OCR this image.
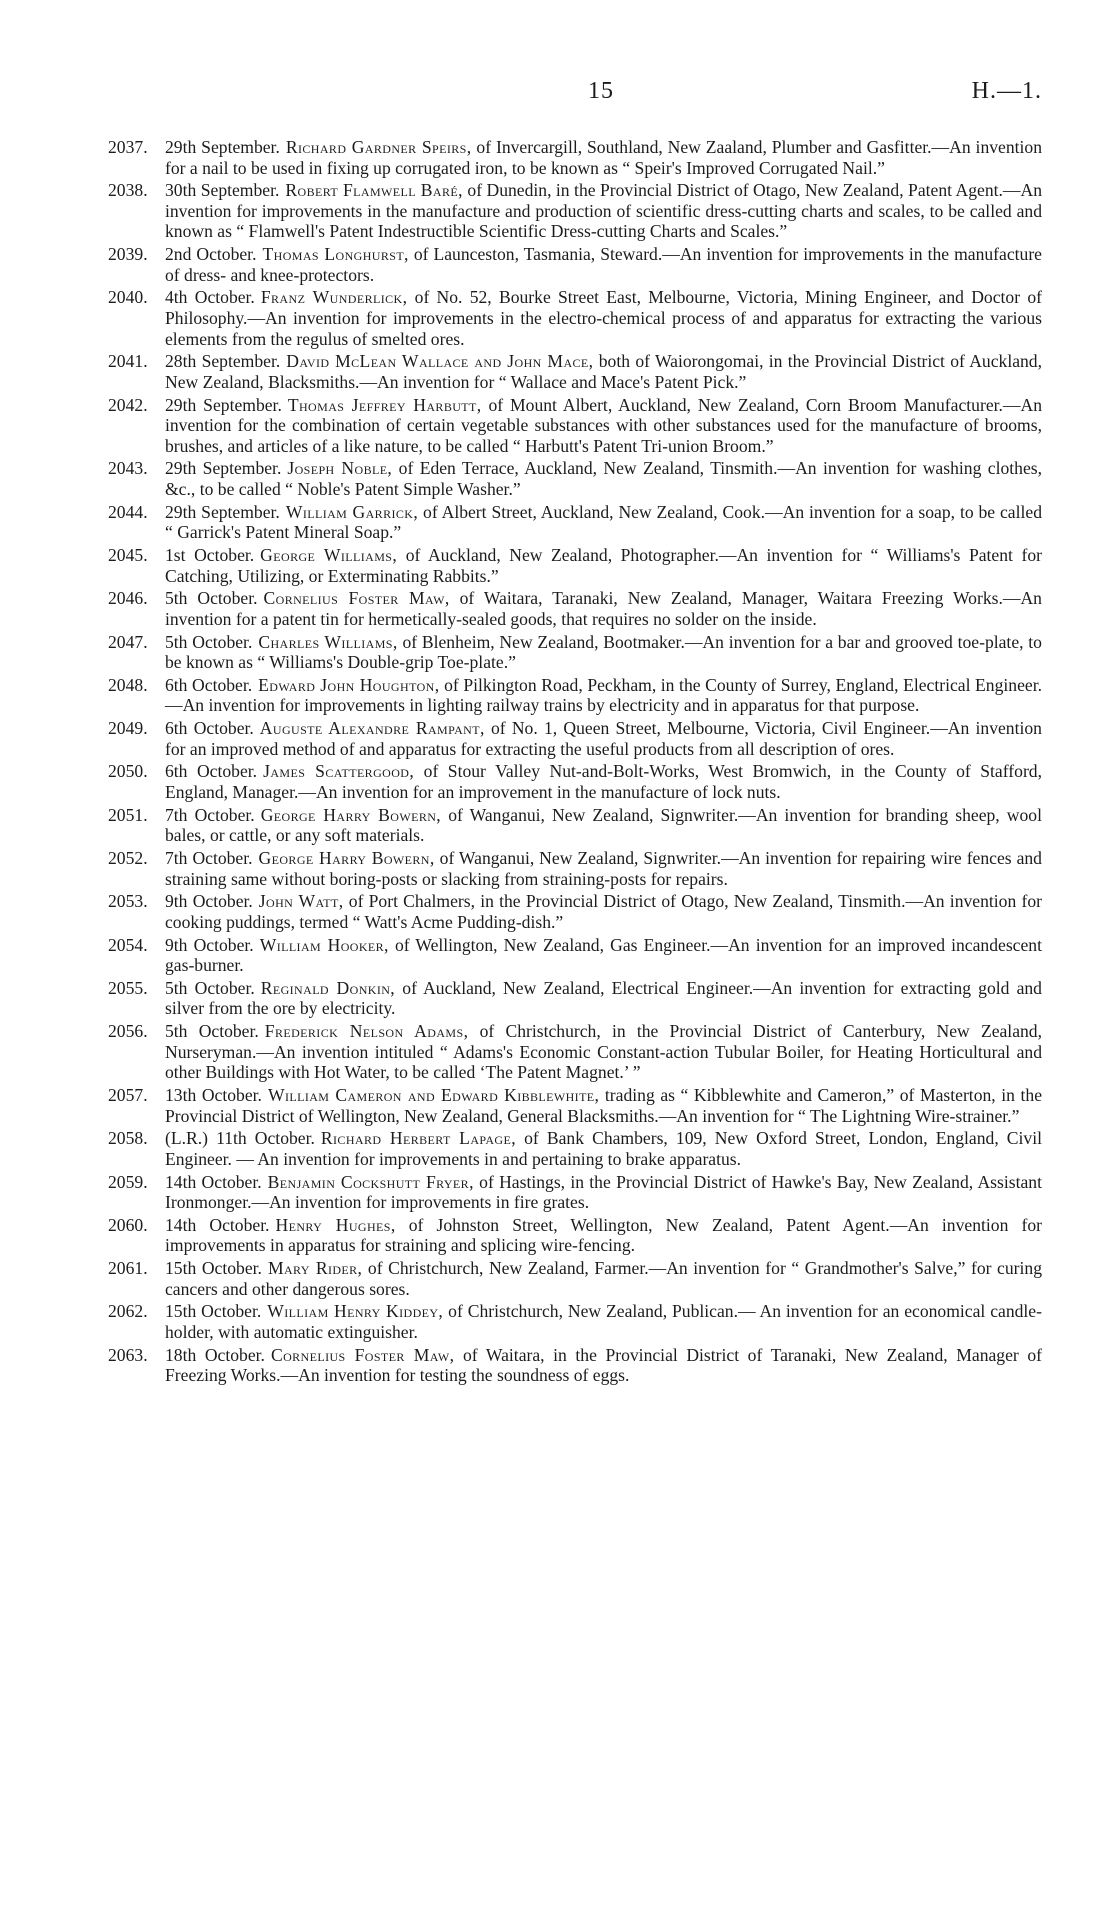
15	H.—1.
2037. 29th September. Richard Gardner Speirs, of Invercargill, Southland, New Zaaland, Plumber and Gasfitter.—An invention for a nail to be used in fixing up corrugated iron, to be known as “ Speir's Improved Corrugated Nail.”
2038. 30th September. Robert Flamwell Baré, of Dunedin, in the Provincial District of Otago, New Zealand, Patent Agent.—An invention for improvements in the manufacture and production of scientific dress-cutting charts and scales, to be called and known as “ Flamwell's Patent Indestructible Scientific Dress-cutting Charts and Scales.”
2039. 2nd October. Thomas Longhurst, of Launceston, Tasmania, Steward.—An invention for improvements in the manufacture of dress- and knee-protectors.
2040. 4th October. Franz Wunderlick, of No. 52, Bourke Street East, Melbourne, Victoria, Mining Engineer, and Doctor of Philosophy.—An invention for improvements in the electro-chemical process of and apparatus for extracting the various elements from the regulus of smelted ores.
2041. 28th September. David McLean Wallace and John Mace, both of Waiorongomai, in the Provincial District of Auckland, New Zealand, Blacksmiths.—An invention for “ Wallace and Mace's Patent Pick.”
2042. 29th September. Thomas Jeffrey Harbutt, of Mount Albert, Auckland, New Zealand, Corn Broom Manufacturer.—An invention for the combination of certain vegetable substances with other substances used for the manufacture of brooms, brushes, and articles of a like nature, to be called “ Harbutt's Patent Tri-union Broom.”
2043. 29th September. Joseph Noble, of Eden Terrace, Auckland, New Zealand, Tinsmith.—An invention for washing clothes, &c., to be called “ Noble's Patent Simple Washer.”
2044. 29th September. William Garrick, of Albert Street, Auckland, New Zealand, Cook.—An invention for a soap, to be called “ Garrick's Patent Mineral Soap.”
2045. 1st October. George Williams, of Auckland, New Zealand, Photographer.—An invention for “ Williams's Patent for Catching, Utilizing, or Exterminating Rabbits.”
2046. 5th October. Cornelius Foster Maw, of Waitara, Taranaki, New Zealand, Manager, Waitara Freezing Works.—An invention for a patent tin for hermetically-sealed goods, that requires no solder on the inside.
2047. 5th October. Charles Williams, of Blenheim, New Zealand, Bootmaker.—An invention for a bar and grooved toe-plate, to be known as “ Williams's Double-grip Toe-plate.”
2048. 6th October. Edward John Houghton, of Pilkington Road, Peckham, in the County of Surrey, England, Electrical Engineer.—An invention for improvements in lighting railway trains by electricity and in apparatus for that purpose.
2049. 6th October. Auguste Alexandre Rampant, of No. 1, Queen Street, Melbourne, Victoria, Civil Engineer.—An invention for an improved method of and apparatus for extracting the useful products from all description of ores.
2050. 6th October. James Scattergood, of Stour Valley Nut-and-Bolt-Works, West Bromwich, in the County of Stafford, England, Manager.—An invention for an improvement in the manufacture of lock nuts.
2051. 7th October. George Harry Bowern, of Wanganui, New Zealand, Signwriter.—An invention for branding sheep, wool bales, or cattle, or any soft materials.
2052. 7th October. George Harry Bowern, of Wanganui, New Zealand, Signwriter.—An invention for repairing wire fences and straining same without boring-posts or slacking from straining-posts for repairs.
2053. 9th October. John Watt, of Port Chalmers, in the Provincial District of Otago, New Zealand, Tinsmith.—An invention for cooking puddings, termed “ Watt's Acme Pudding-dish.”
2054. 9th October. William Hooker, of Wellington, New Zealand, Gas Engineer.—An invention for an improved incandescent gas-burner.
2055. 5th October. Reginald Donkin, of Auckland, New Zealand, Electrical Engineer.—An invention for extracting gold and silver from the ore by electricity.
2056. 5th October. Frederick Nelson Adams, of Christchurch, in the Provincial District of Canterbury, New Zealand, Nurseryman.—An invention intituled “ Adams's Economic Constant-action Tubular Boiler, for Heating Horticultural and other Buildings with Hot Water, to be called ‘The Patent Magnet.’ ”
2057. 13th October. William Cameron and Edward Kibblewhite, trading as “ Kibblewhite and Cameron,” of Masterton, in the Provincial District of Wellington, New Zealand, General Blacksmiths.—An invention for “ The Lightning Wire-strainer.”
2058. (L.R.) 11th October. Richard Herbert Lapage, of Bank Chambers, 109, New Oxford Street, London, England, Civil Engineer. — An invention for improvements in and pertaining to brake apparatus.
2059. 14th October. Benjamin Cockshutt Fryer, of Hastings, in the Provincial District of Hawke's Bay, New Zealand, Assistant Ironmonger.—An invention for improvements in fire grates.
2060. 14th October. Henry Hughes, of Johnston Street, Wellington, New Zealand, Patent Agent.—An invention for improvements in apparatus for straining and splicing wire-fencing.
2061. 15th October. Mary Rider, of Christchurch, New Zealand, Farmer.—An invention for “ Grandmother's Salve,” for curing cancers and other dangerous sores.
2062. 15th October. William Henry Kiddey, of Christchurch, New Zealand, Publican.— An invention for an economical candle-holder, with automatic extinguisher.
2063. 18th October. Cornelius Foster Maw, of Waitara, in the Provincial District of Taranaki, New Zealand, Manager of Freezing Works.—An invention for testing the soundness of eggs.
